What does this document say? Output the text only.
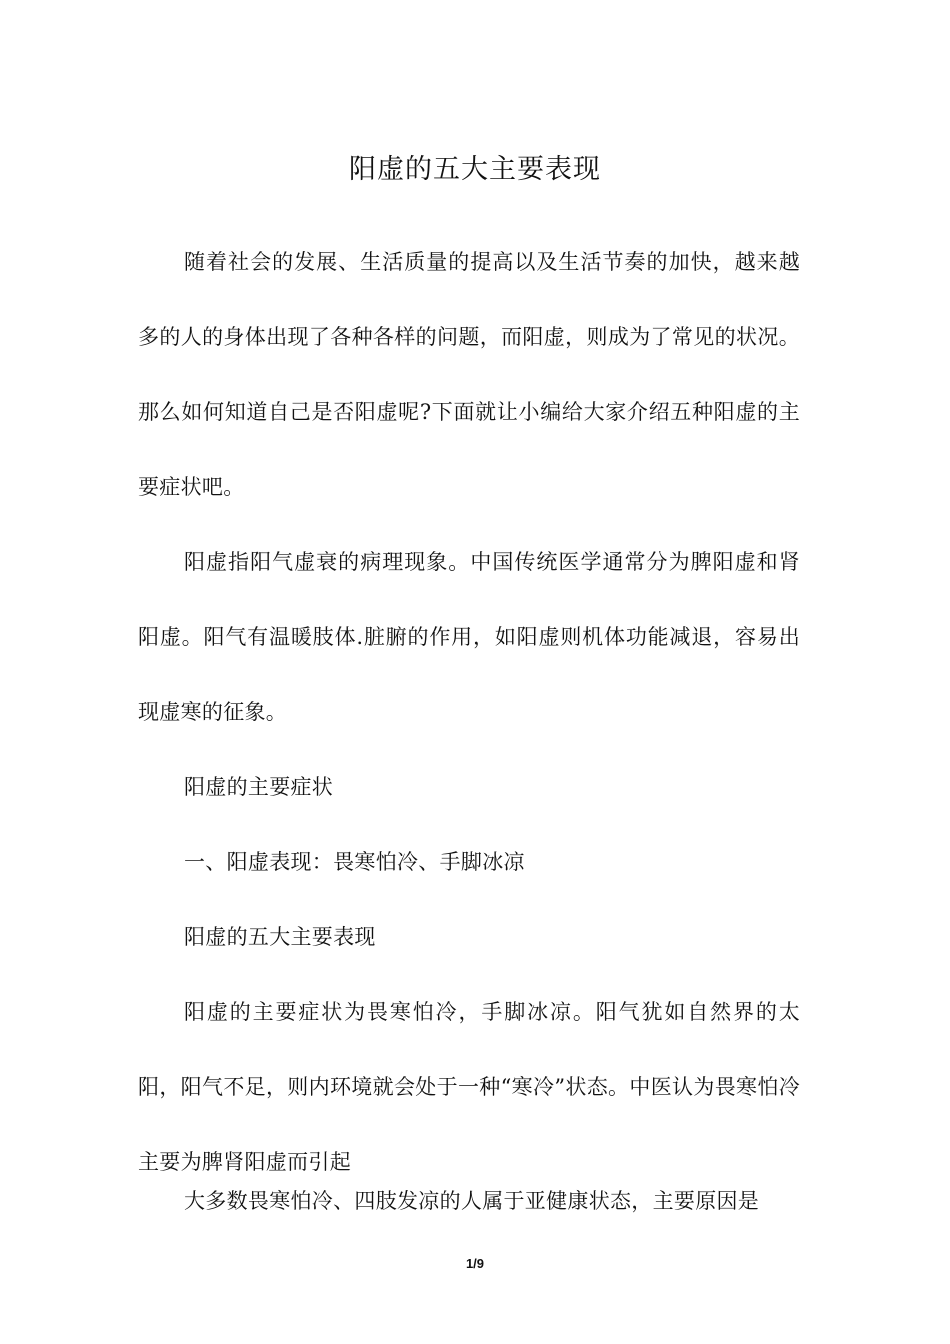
阳虚的五大主要表现

随着社会的发展、生活质量的提高以及生活节奏的加快，越来越多的人的身体出现了各种各样的问题，而阳虚，则成为了常见的状况。那么如何知道自己是否阳虚呢?下面就让小编给大家介绍五种阳虚的主要症状吧。

阳虚指阳气虚衰的病理现象。中国传统医学通常分为脾阳虚和肾阳虚。阳气有温暖肢体.脏腑的作用，如阳虚则机体功能减退，容易出现虚寒的征象。

阳虚的主要症状

一、阳虚表现：畏寒怕冷、手脚冰凉

阳虚的五大主要表现

阳虚的主要症状为畏寒怕冷，手脚冰凉。阳气犹如自然界的太阳，阳气不足，则内环境就会处于一种“寒冷”状态。中医认为畏寒怕冷主要为脾肾阳虚而引起

大多数畏寒怕冷、四肢发凉的人属于亚健康状态，主要原因是

1/9
